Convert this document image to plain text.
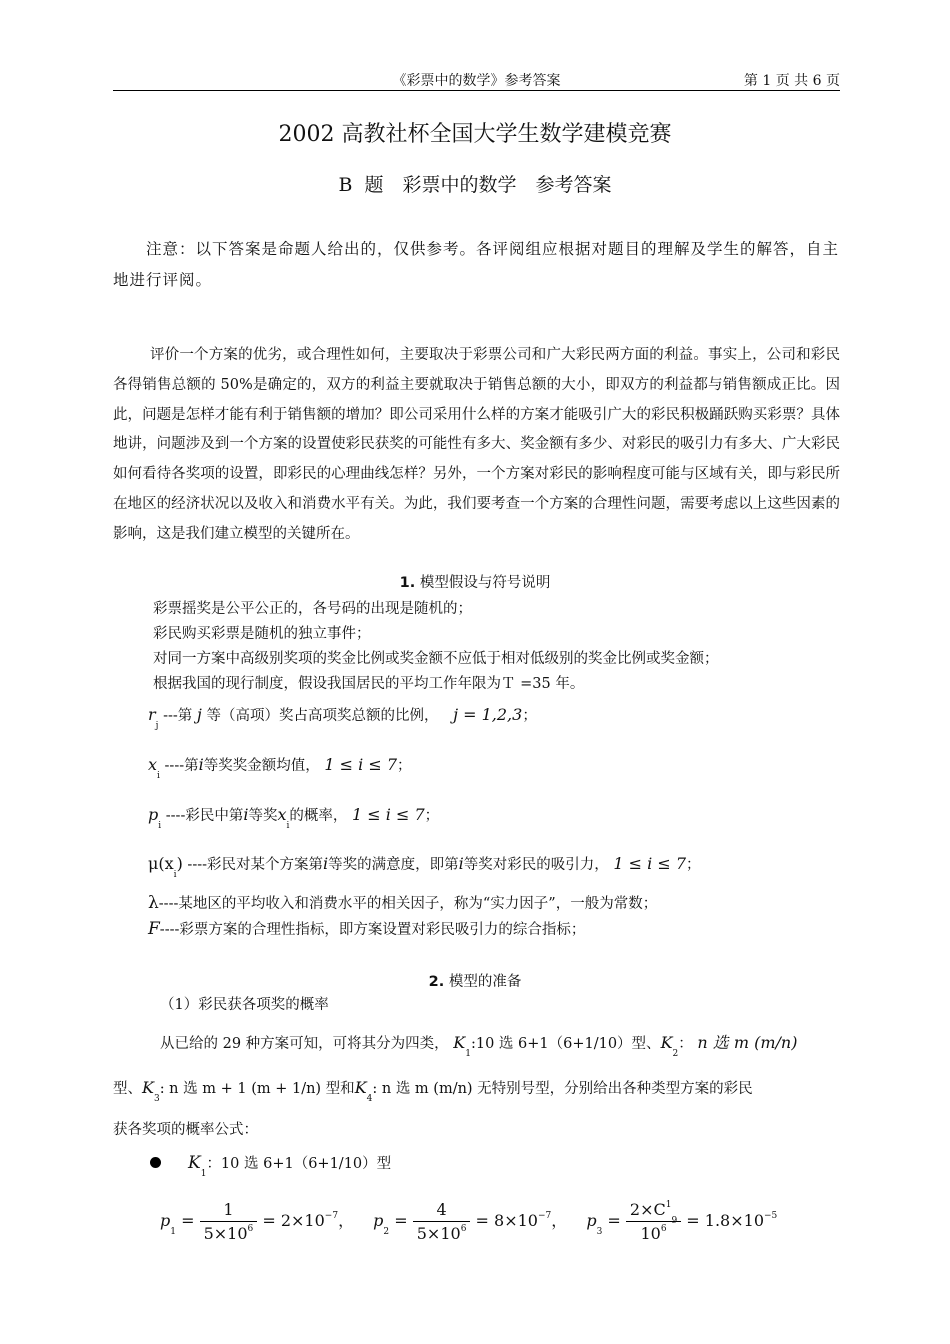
《彩票中的数学》参考答案	第 1 页 共 6 页
2002 高教社杯全国大学生数学建模竞赛
B 题　彩票中的数学　参考答案
注意：以下答案是命题人给出的，仅供参考。各评阅组应根据对题目的理解及学生的解答，自主地进行评阅。
评价一个方案的优劣，或合理性如何，主要取决于彩票公司和广大彩民两方面的利益。事实上，公司和彩民各得销售总额的 50%是确定的，双方的利益主要就取决于销售总额的大小，即双方的利益都与销售额成正比。因此，问题是怎样才能有利于销售额的增加？即公司采用什么样的方案才能吸引广大的彩民积极踊跃购买彩票？具体地讲，问题涉及到一个方案的设置使彩民获奖的可能性有多大、奖金额有多少、对彩民的吸引力有多大、广大彩民如何看待各奖项的设置，即彩民的心理曲线怎样？另外，一个方案对彩民的影响程度可能与区域有关，即与彩民所在地区的经济状况以及收入和消费水平有关。为此，我们要考查一个方案的合理性问题，需要考虑以上这些因素的影响，这是我们建立模型的关键所在。
1. 模型假设与符号说明
彩票摇奖是公平公正的，各号码的出现是随机的；
彩民购买彩票是随机的独立事件；
对同一方案中高级别奖项的奖金比例或奖金额不应低于相对低级别的奖金比例或奖金额；
根据我国的现行制度，假设我国居民的平均工作年限为Ｔ =35 年。
$r_j$ ---第 j 等（高项）奖占高项奖总额的比例， j = 1,2,3；
$x_i$ ----第i等奖奖金额均值， 1 ≤ i ≤ 7；
$p_i$ ----彩民中第i等奖$x_i$的概率， 1 ≤ i ≤ 7；
$\mu(x_i)$ ----彩民对某个方案第i等奖的满意度，即第i等奖对彩民的吸引力， 1 ≤ i ≤ 7；
λ----某地区的平均收入和消费水平的相关因子，称为“实力因子”，一般为常数；
F----彩票方案的合理性指标，即方案设置对彩民吸引力的综合指标；
2. 模型的准备
（1）彩民获各项奖的概率
从已给的 29 种方案可知，可将其分为四类， $K_1:10$ 选 6+1（6+1/10）型、$K_2$： n 选 m (m/n)
型、$K_3$: n 选 m + 1 (m + 1/n) 型和$K_4$: n 选 m (m/n) 无特别号型，分别给出各种类型方案的彩民
获各奖项的概率公式：
$K_1$：10 选 6+1（6+1/10）型
$p_1 = \frac{1}{5\times 10^6} = 2\times 10^{-7}$， $p_2 = \frac{4}{5\times 10^6} = 8\times 10^{-7}$， $p_3 = \frac{2\times C^1_9}{10^6} = 1.8\times 10^{-5}$
